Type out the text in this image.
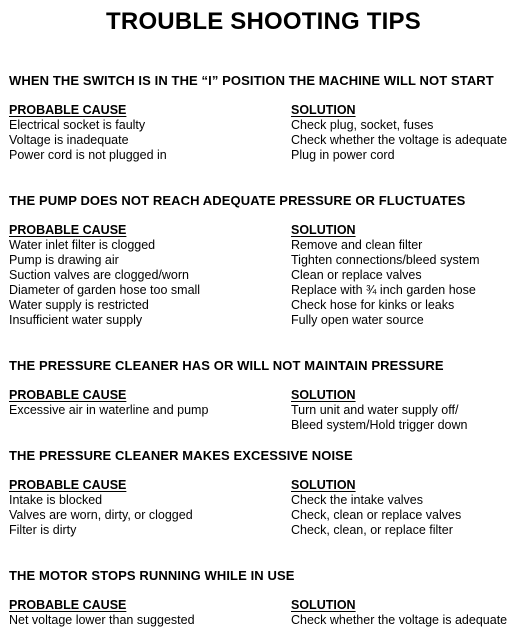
TROUBLE SHOOTING TIPS
WHEN THE SWITCH IS IN THE “I” POSITION THE MACHINE WILL NOT START
PROBABLE CAUSE	SOLUTION
Electrical socket is faulty	Check plug, socket, fuses
Voltage is inadequate	Check whether the voltage is adequate
Power cord is not plugged in	Plug in power cord
THE PUMP DOES NOT REACH ADEQUATE PRESSURE OR FLUCTUATES
PROBABLE CAUSE	SOLUTION
Water inlet filter is clogged	Remove and clean filter
Pump is drawing air	Tighten connections/bleed system
Suction valves are clogged/worn	Clean or replace valves
Diameter of garden hose too small	Replace with ¾ inch garden hose
Water supply is restricted	Check hose for kinks or leaks
Insufficient water supply	Fully open water source
THE PRESSURE CLEANER HAS OR WILL NOT MAINTAIN PRESSURE
PROBABLE CAUSE	SOLUTION
Excessive air in waterline and pump	Turn unit and water supply off/
Bleed system/Hold trigger down
THE PRESSURE CLEANER MAKES EXCESSIVE NOISE
PROBABLE CAUSE	SOLUTION
Intake is blocked	Check the intake valves
Valves are worn, dirty, or clogged	Check, clean or replace valves
Filter is dirty	Check, clean, or replace filter
THE MOTOR STOPS RUNNING WHILE IN USE
PROBABLE CAUSE	SOLUTION
Net voltage lower than suggested	Check whether the voltage is adequate
